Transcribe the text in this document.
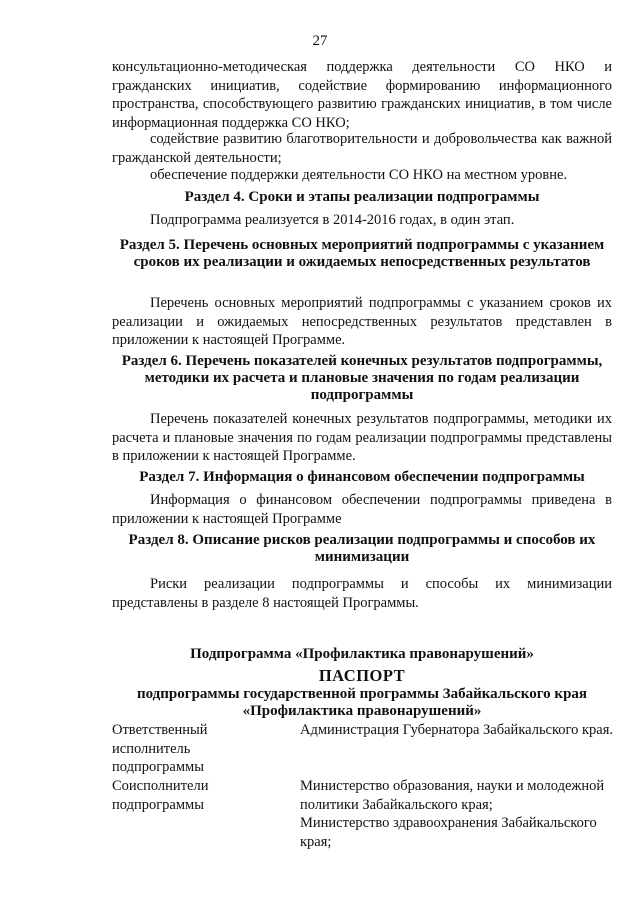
27
консультационно-методическая поддержка деятельности СО НКО и гражданских инициатив, содействие формированию информационного пространства, способствующего развитию гражданских инициатив, в том числе информационная поддержка СО НКО;
содействие развитию благотворительности и добровольчества как важной гражданской деятельности;
обеспечение поддержки деятельности СО НКО на местном уровне.
Раздел 4. Сроки и этапы реализации подпрограммы
Подпрограмма реализуется в 2014-2016 годах, в один этап.
Раздел 5. Перечень основных мероприятий подпрограммы с указанием сроков их реализации и ожидаемых непосредственных результатов
Перечень основных мероприятий подпрограммы с указанием сроков их реализации и ожидаемых непосредственных результатов представлен в приложении к настоящей Программе.
Раздел 6. Перечень показателей конечных результатов подпрограммы, методики их расчета и плановые значения по годам реализации подпрограммы
Перечень показателей конечных результатов подпрограммы, методики их расчета и плановые значения по годам реализации подпрограммы представлены в приложении к настоящей Программе.
Раздел 7. Информация о финансовом обеспечении подпрограммы
Информация о финансовом обеспечении подпрограммы приведена в приложении к настоящей Программе
Раздел 8. Описание рисков реализации подпрограммы и способов их минимизации
Риски реализации подпрограммы и способы их минимизации представлены в разделе 8 настоящей Программы.
Подпрограмма «Профилактика правонарушений»
ПАСПОРТ
подпрограммы государственной программы Забайкальского края «Профилактика правонарушений»
Ответственный исполнитель подпрограммы
Администрация Губернатора Забайкальского края.
Соисполнители подпрограммы
Министерство образования, науки и молодежной политики Забайкальского края;
Министерство здравоохранения Забайкальского края;
